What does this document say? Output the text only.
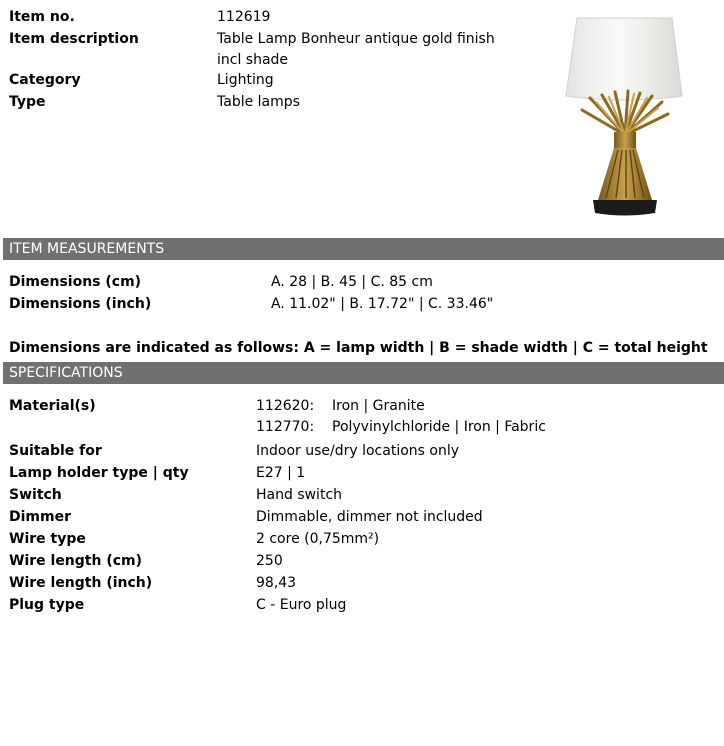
Item no.	112619
Item description	Table Lamp Bonheur antique gold finish incl shade
Category	Lighting
Type	Table lamps
ITEM MEASUREMENTS
Dimensions (cm)	A. 28 | B. 45 | C. 85 cm
Dimensions (inch)	A. 11.02" | B. 17.72" | C. 33.46"
Dimensions are indicated as follows: A = lamp width | B = shade width | C = total height
SPECIFICATIONS
Material(s)	112620: Iron | Granite
112770: Polyvinylchloride | Iron | Fabric
Suitable for	Indoor use/dry locations only
Lamp holder type | qty	E27 | 1
Switch	Hand switch
Dimmer	Dimmable, dimmer not included
Wire type	2 core (0,75mm²)
Wire length (cm)	250
Wire length (inch)	98,43
Plug type	C - Euro plug
